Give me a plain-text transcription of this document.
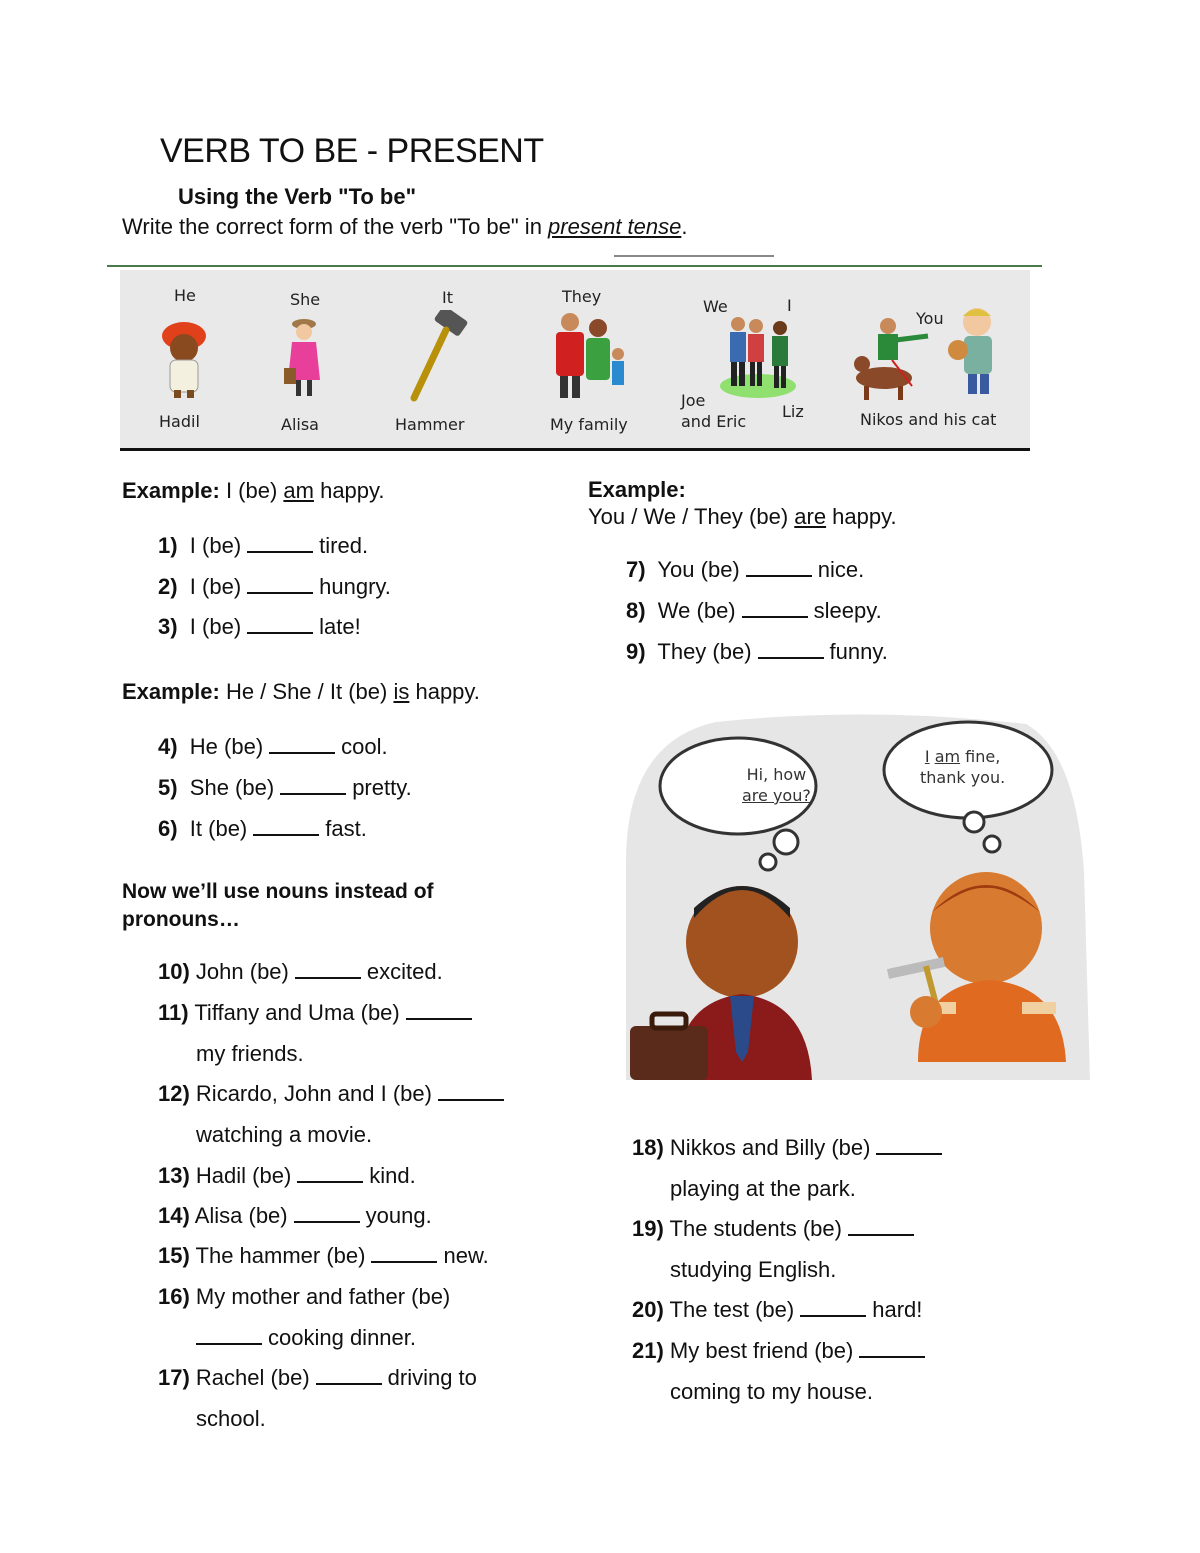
VERB TO BE - PRESENT
Using the Verb "To be"
Write the correct form of the verb "To be" in present tense.
He
Hadil
She
Alisa
It
Hammer
They
My family
We	I
Joe
and Eric
Liz
You
Nikos and his cat
Example: I (be) am happy.
1) I (be)	tired.
2) I (be)	hungry.
3) I (be)	late!
Example: He / She / It (be) is happy.
4) He (be)	cool.
5) She (be)	pretty.
6) It (be)	fast.
Now we’ll use nouns instead of pronouns…
10) John (be)	excited.
11) Tiffany and Uma (be)
my friends.
12) Ricardo, John and I (be)
watching a movie.
13) Hadil (be)	kind.
14) Alisa (be)	young.
15) The hammer (be)	new.
16) My mother and father (be)
cooking dinner.
17) Rachel (be)	driving to
school.
Example:
You / We / They (be) are happy.
7) You (be)	nice.
8) We (be)	sleepy.
9) They (be)	funny.
Hi, how
are you?
I am fine,
thank you.
18) Nikkos and Billy (be)
playing at the park.
19) The students (be)
studying English.
20) The test (be)	hard!
21) My best friend (be)
coming to my house.
